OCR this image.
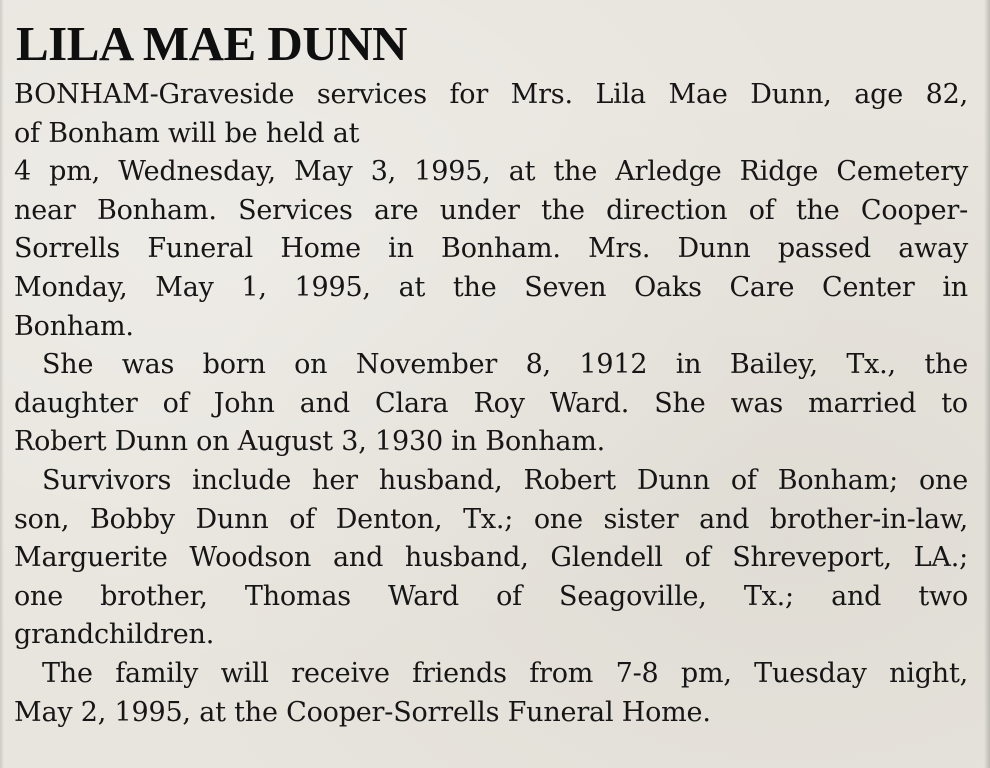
LILA MAE DUNN
BONHAM-Graveside services for Mrs. Lila Mae Dunn, age 82,
of Bonham will be held at
4 pm, Wednesday, May 3, 1995, at the Arledge Ridge Cemetery
near Bonham. Services are under the direction of the Cooper-
Sorrells Funeral Home in Bonham. Mrs. Dunn passed away
Monday, May 1, 1995, at the Seven Oaks Care Center in
Bonham.
She was born on November 8, 1912 in Bailey, Tx., the
daughter of John and Clara Roy Ward. She was married to
Robert Dunn on August 3, 1930 in Bonham.
Survivors include her husband, Robert Dunn of Bonham; one
son, Bobby Dunn of Denton, Tx.; one sister and brother-in-law,
Marguerite Woodson and husband, Glendell of Shreveport, LA.;
one brother, Thomas Ward of Seagoville, Tx.; and two
grandchildren.
The family will receive friends from 7-8 pm, Tuesday night,
May 2, 1995, at the Cooper-Sorrells Funeral Home.
